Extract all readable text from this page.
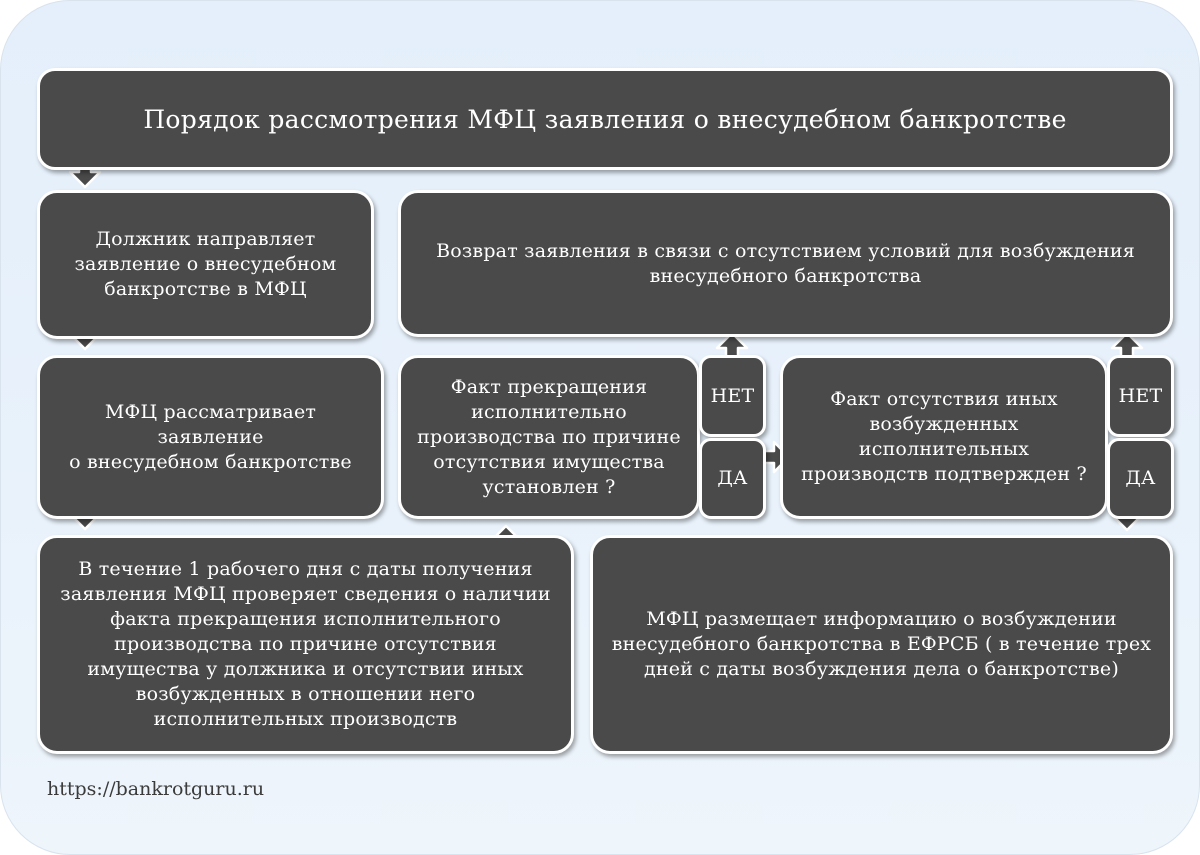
Порядок рассмотрения МФЦ заявления о внесудебном банкротстве
Должник направляет
заявление о внесудебном
банкротстве в МФЦ
МФЦ рассматривает
заявление
о внесудебном банкротстве
В течение 1 рабочего дня с даты получения
заявления МФЦ проверяет сведения о наличии
факта прекращения исполнительного
производства по причине отсутствия
имущества у должника и отсутствии иных
возбужденных в отношении него
исполнительных производств
Возврат заявления в связи с отсутствием условий для возбуждения
внесудебного банкротства
Факт прекращения
исполнительно
производства по причине
отсутствия имущества
установлен ?
Факт отсутствия иных
возбужденных
исполнительных
производств подтвержден ?
МФЦ размещает информацию о возбуждении
внесудебного банкротства в ЕФРСБ ( в течение трех
дней с даты возбуждения дела о банкротстве)
НЕТ
ДА
НЕТ
ДА
https://bankrotguru.ru
